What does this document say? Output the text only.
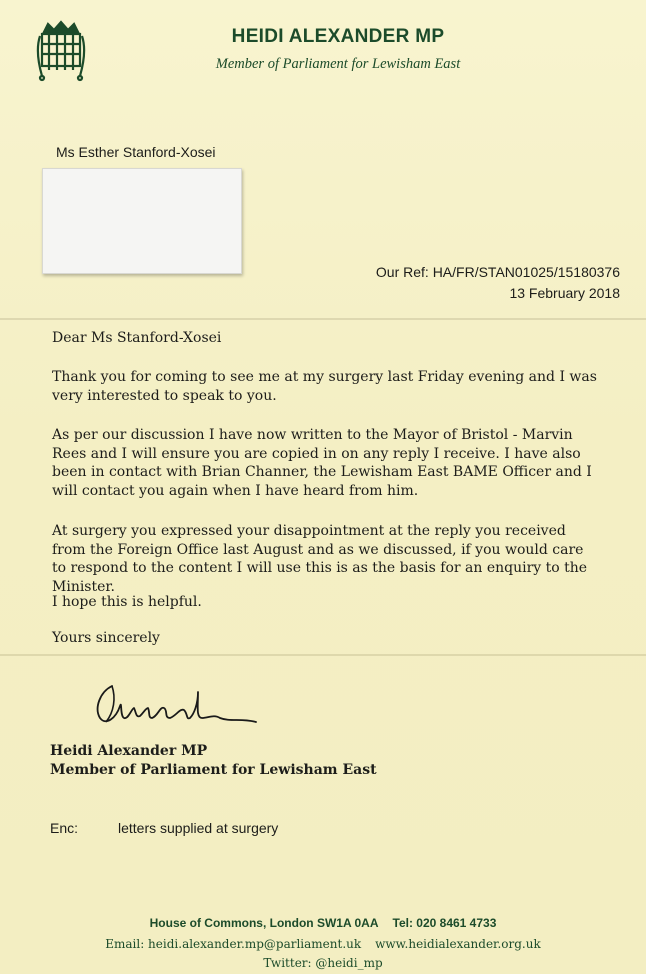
HEIDI ALEXANDER MP
Member of Parliament for Lewisham East
Ms Esther Stanford-Xosei
Our Ref: HA/FR/STAN01025/15180376
13 February 2018
Dear Ms Stanford-Xosei
Thank you for coming to see me at my surgery last Friday evening and I was very interested to speak to you.
As per our discussion I have now written to the Mayor of Bristol - Marvin Rees and I will ensure you are copied in on any reply I receive. I have also been in contact with Brian Channer, the Lewisham East BAME Officer and I will contact you again when I have heard from him.
At surgery you expressed your disappointment at the reply you received from the Foreign Office last August and as we discussed, if you would care to respond to the content I will use this is as the basis for an enquiry to the Minister.
I hope this is helpful.
Yours sincerely
Heidi Alexander MP
Member of Parliament for Lewisham East
Enc:	letters supplied at surgery
House of Commons, London SW1A 0AA Tel: 020 8461 4733
Email: heidi.alexander.mp@parliament.uk www.heidialexander.org.uk
Twitter: @heidi_mp
